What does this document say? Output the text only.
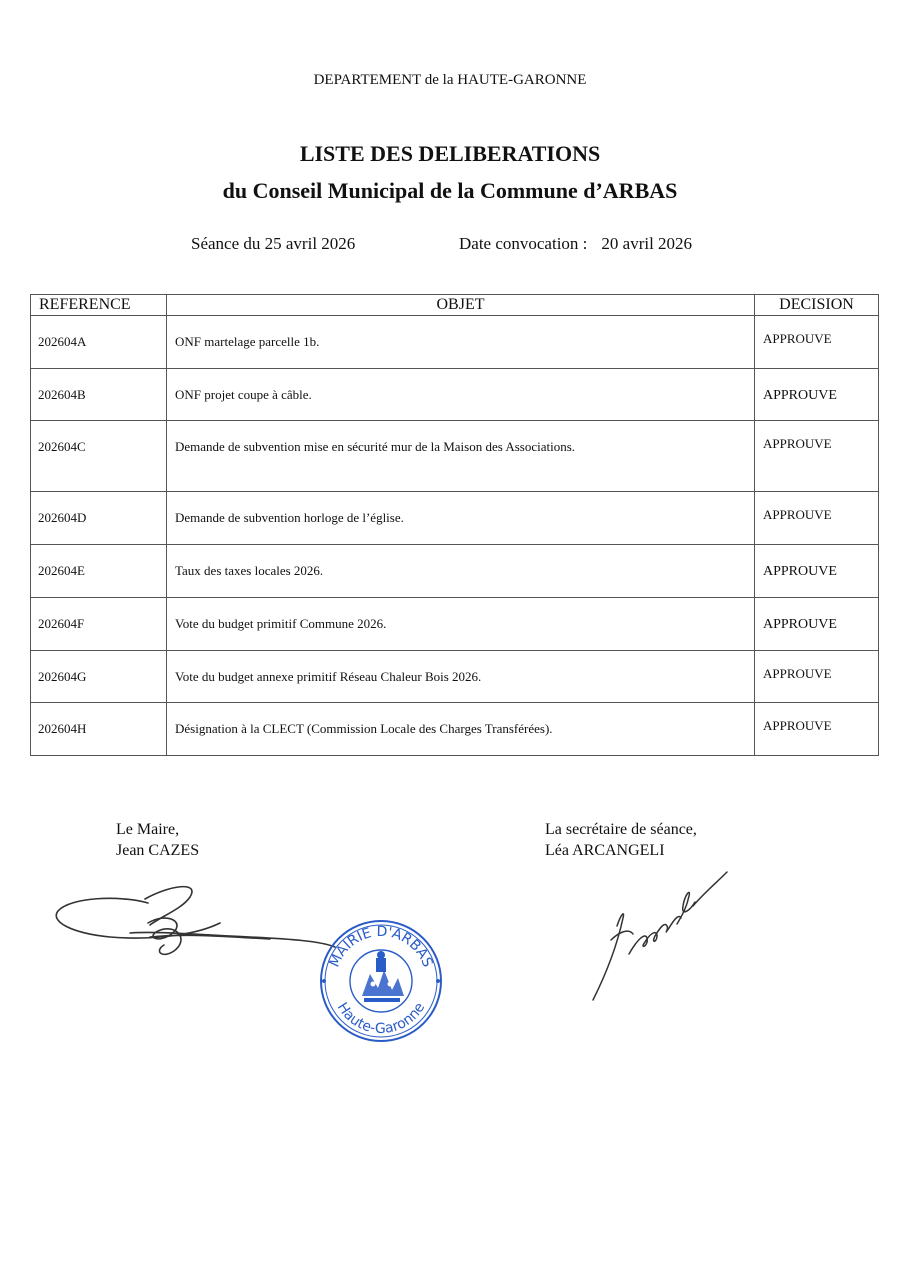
DEPARTEMENT de la HAUTE-GARONNE
LISTE DES DELIBERATIONS
du Conseil Municipal de la Commune d’ARBAS
Séance du 25 avril 2026	Date convocation : 20 avril 2026
REFERENCE	OBJET	DECISION

202604A	ONF martelage parcelle 1b.	APPROUVE

202604B	ONF projet coupe à câble.	APPROUVE

202604C	Demande de subvention mise en sécurité mur de la Maison des Associations.	APPROUVE

202604D	Demande de subvention horloge de l’église.	APPROUVE

202604E	Taux des taxes locales 2026.	APPROUVE

202604F	Vote du budget primitif Commune 2026.	APPROUVE

202604G	Vote du budget annexe primitif Réseau Chaleur Bois 2026.	APPROUVE

202604H	Désignation à la CLECT (Commission Locale des Charges Transférées).	APPROUVE
Le Maire,
Jean CAZES
La secrétaire de séance,
Léa ARCANGELI
MAIRIE D'ARBAS
Haute-Garonne
